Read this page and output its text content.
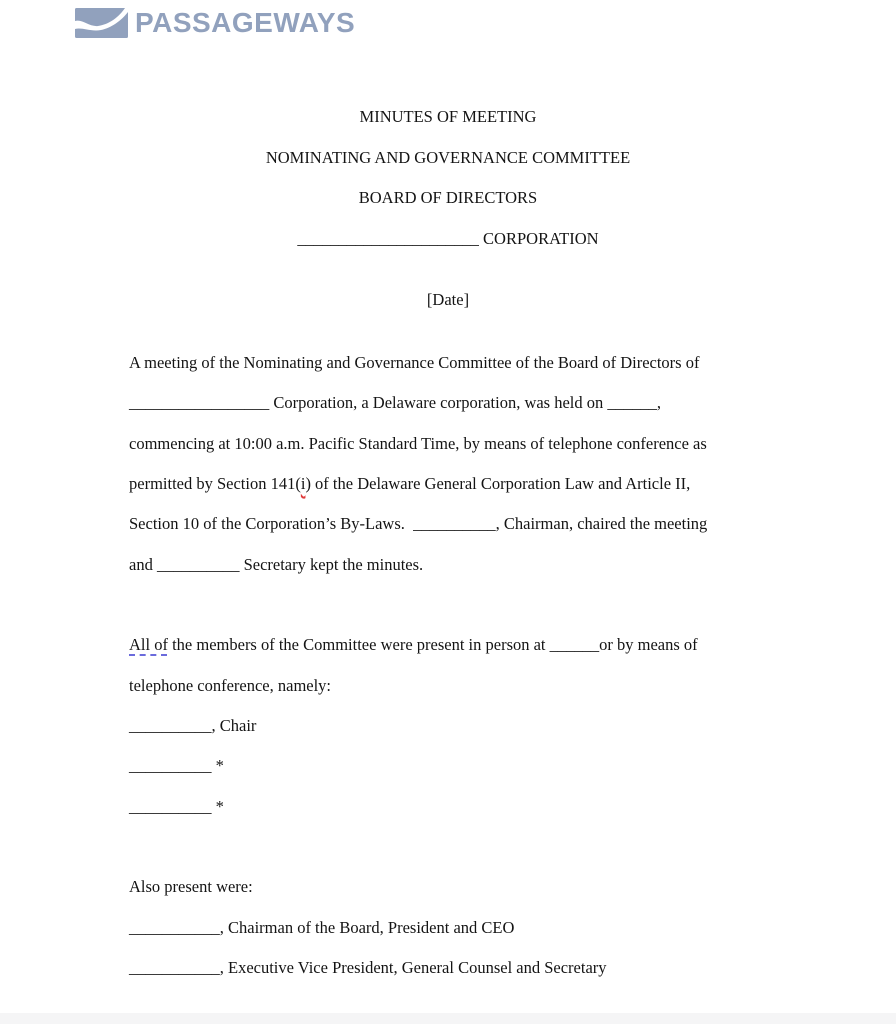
PASSAGEWAYS
MINUTES OF MEETING
NOMINATING AND GOVERNANCE COMMITTEE
BOARD OF DIRECTORS
______________________ CORPORATION
[Date]
A meeting of the Nominating and Governance Committee of the Board of Directors of
_________________ Corporation, a Delaware corporation, was held on ______,
commencing at 10:00 a.m. Pacific Standard Time, by means of telephone conference as
permitted by Section 141(i) of the Delaware General Corporation Law and Article II,
Section 10 of the Corporation’s By-Laws.  __________, Chairman, chaired the meeting
and __________ Secretary kept the minutes.
All of the members of the Committee were present in person at ______or by means of
telephone conference, namely:
__________, Chair
__________ *
__________ *
Also present were:
___________, Chairman of the Board, President and CEO
___________, Executive Vice President, General Counsel and Secretary
